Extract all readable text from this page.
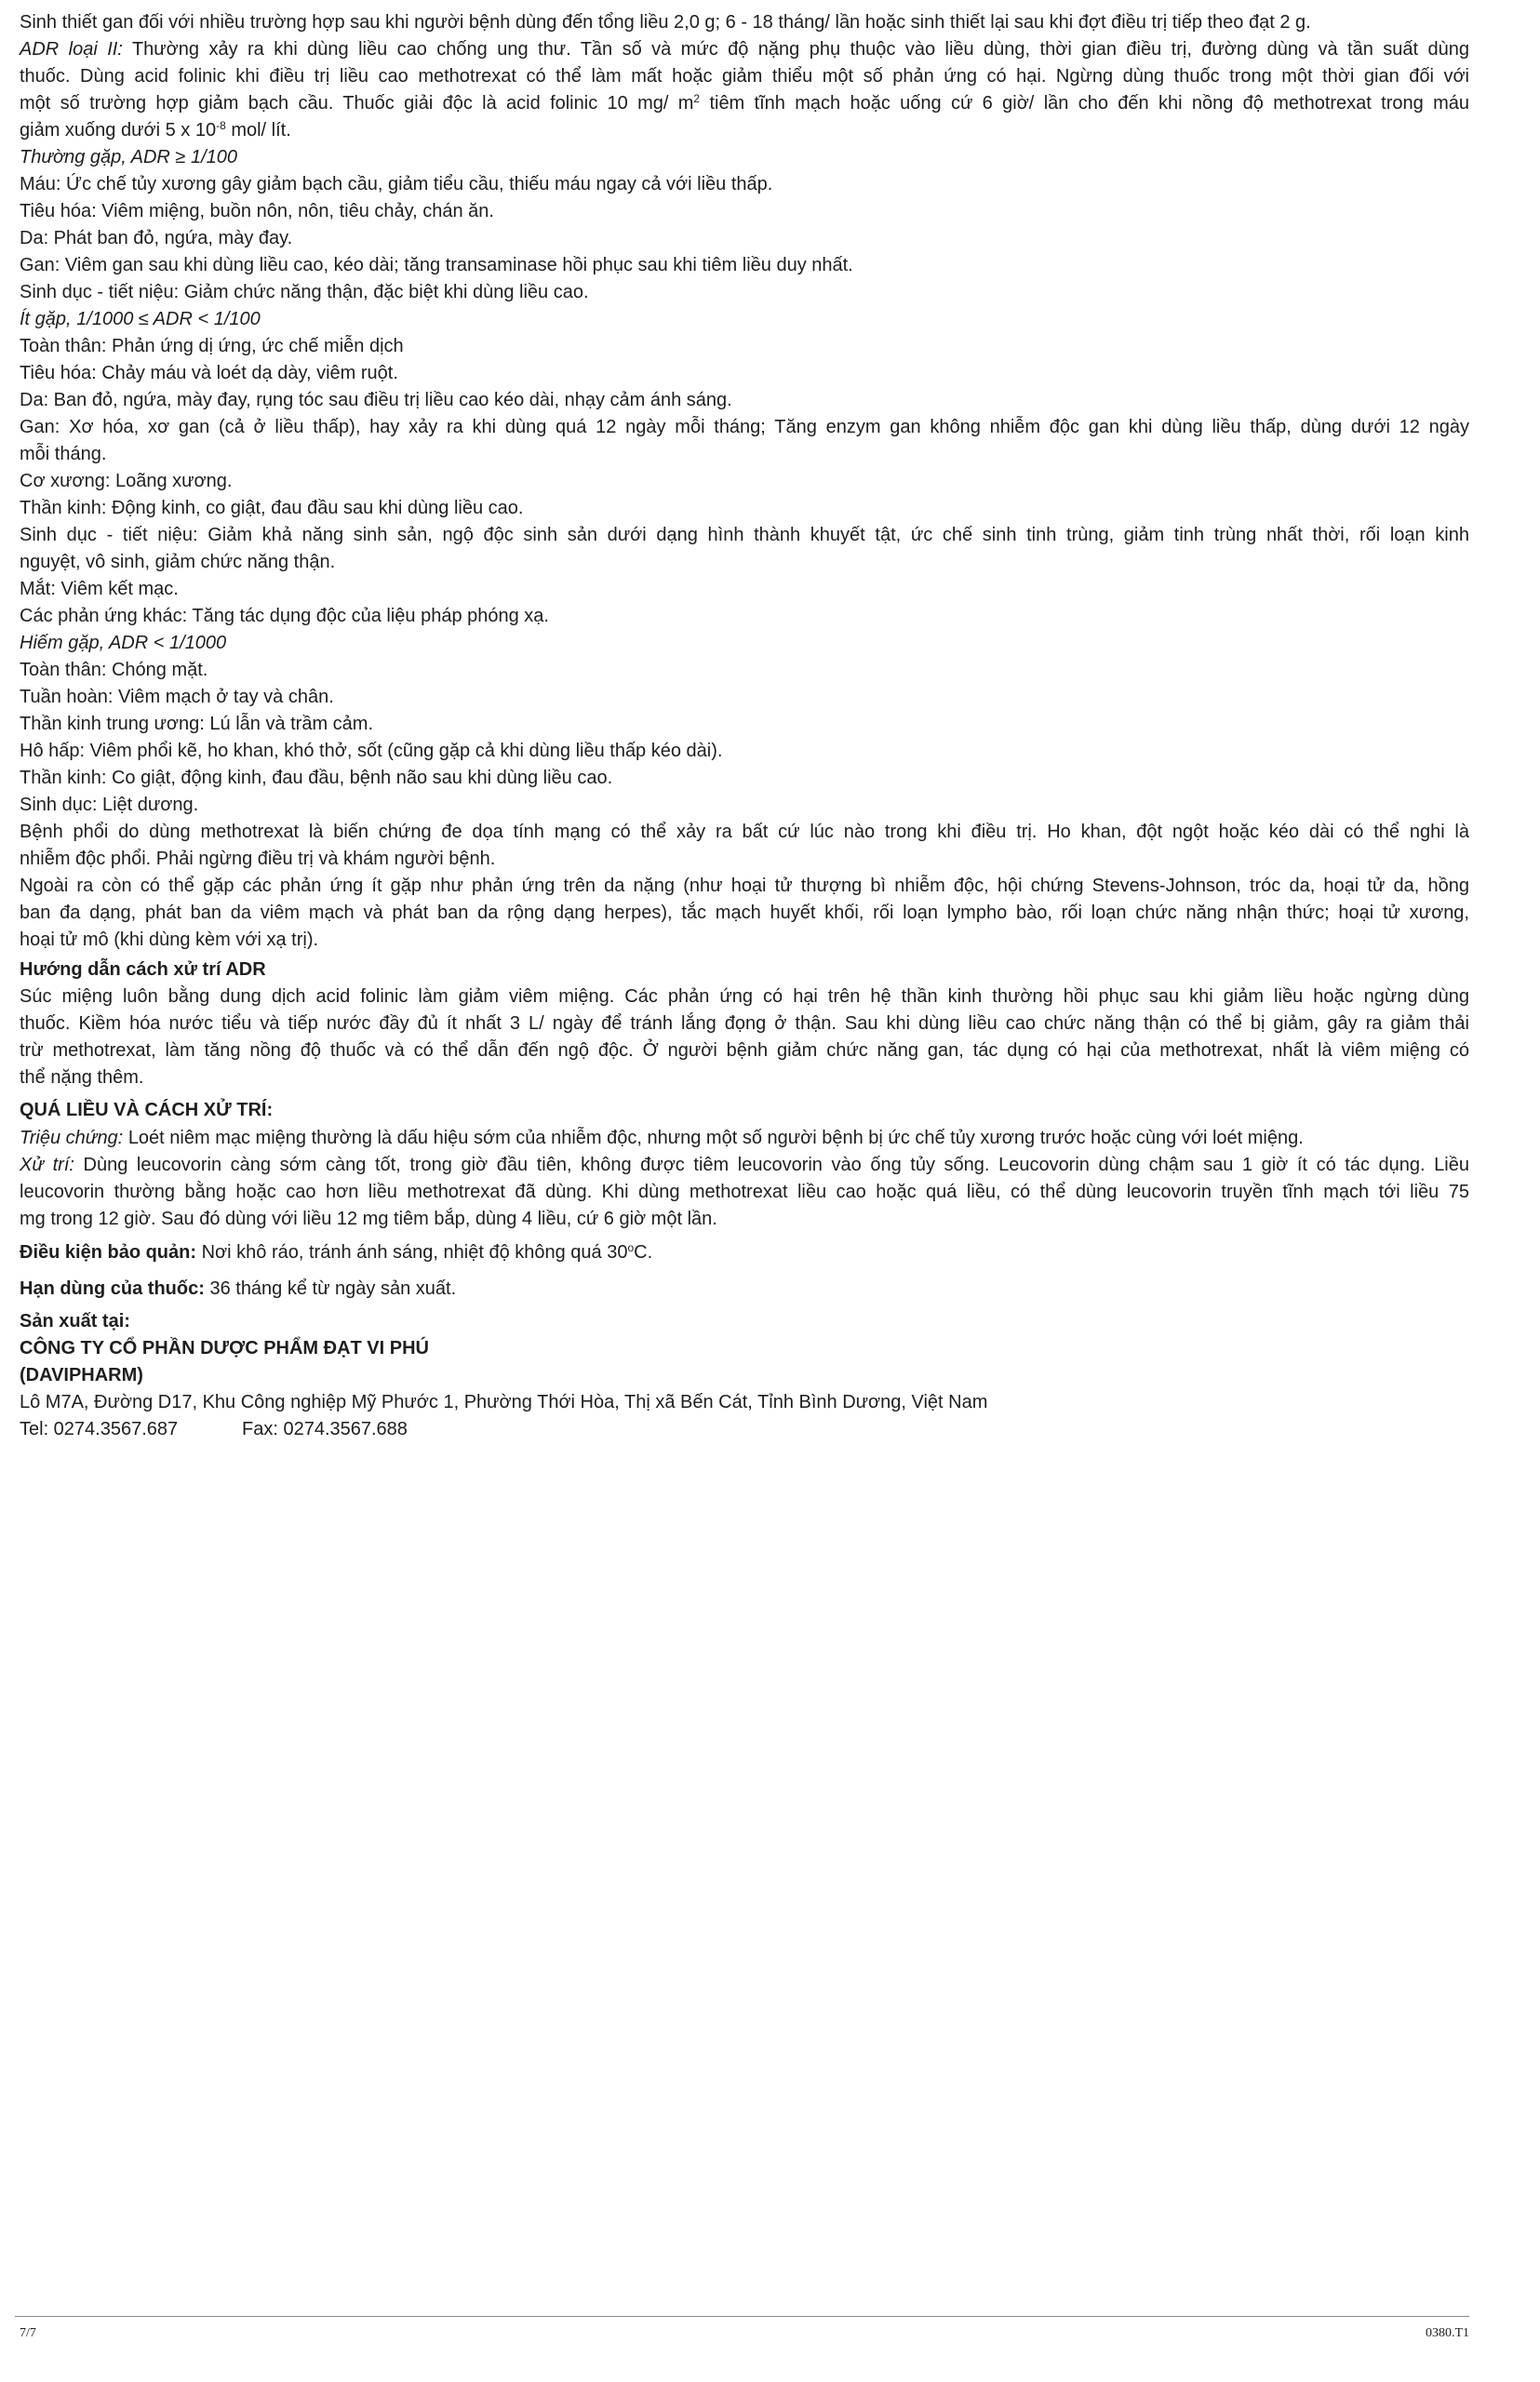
Sinh thiết gan đối với nhiều trường hợp sau khi người bệnh dùng đến tổng liều 2,0 g; 6 - 18 tháng/ lần hoặc sinh thiết lại sau khi đợt điều trị tiếp theo đạt 2 g.
ADR loại II: Thường xảy ra khi dùng liều cao chống ung thư. Tần số và mức độ nặng phụ thuộc vào liều dùng, thời gian điều trị, đường dùng và tần suất dùng
thuốc. Dùng acid folinic khi điều trị liều cao methotrexat có thể làm mất hoặc giảm thiểu một số phản ứng có hại. Ngừng dùng thuốc trong một thời gian đối với
một số trường hợp giảm bạch cầu. Thuốc giải độc là acid folinic 10 mg/ $m^2$ tiêm tĩnh mạch hoặc uống cứ 6 giờ/ lần cho đến khi nồng độ methotrexat trong máu
giảm xuống dưới 5 x $10^{-8}$ mol/ lít.
Thường gặp, ADR ≥ 1/100
Máu: Ức chế tủy xương gây giảm bạch cầu, giảm tiểu cầu, thiếu máu ngay cả với liều thấp.
Tiêu hóa: Viêm miệng, buồn nôn, nôn, tiêu chảy, chán ăn.
Da: Phát ban đỏ, ngứa, mày đay.
Gan: Viêm gan sau khi dùng liều cao, kéo dài; tăng transaminase hồi phục sau khi tiêm liều duy nhất.
Sinh dục - tiết niệu: Giảm chức năng thận, đặc biệt khi dùng liều cao.
Ít gặp, 1/1000 ≤ ADR < 1/100
Toàn thân: Phản ứng dị ứng, ức chế miễn dịch
Tiêu hóa: Chảy máu và loét dạ dày, viêm ruột.
Da: Ban đỏ, ngứa, mày đay, rụng tóc sau điều trị liều cao kéo dài, nhạy cảm ánh sáng.
Gan: Xơ hóa, xơ gan (cả ở liều thấp), hay xảy ra khi dùng quá 12 ngày mỗi tháng; Tăng enzym gan không nhiễm độc gan khi dùng liều thấp, dùng dưới 12 ngày
mỗi tháng.
Cơ xương: Loãng xương.
Thần kinh: Động kinh, co giật, đau đầu sau khi dùng liều cao.
Sinh dục - tiết niệu: Giảm khả năng sinh sản, ngộ độc sinh sản dưới dạng hình thành khuyết tật, ức chế sinh tinh trùng, giảm tinh trùng nhất thời, rối loạn kinh
nguyệt, vô sinh, giảm chức năng thận.
Mắt: Viêm kết mạc.
Các phản ứng khác: Tăng tác dụng độc của liệu pháp phóng xạ.
Hiếm gặp, ADR < 1/1000
Toàn thân: Chóng mặt.
Tuần hoàn: Viêm mạch ở tay và chân.
Thần kinh trung ương: Lú lẫn và trầm cảm.
Hô hấp: Viêm phổi kẽ, ho khan, khó thở, sốt (cũng gặp cả khi dùng liều thấp kéo dài).
Thần kinh: Co giật, động kinh, đau đầu, bệnh não sau khi dùng liều cao.
Sinh dục: Liệt dương.
Bệnh phổi do dùng methotrexat là biến chứng đe dọa tính mạng có thể xảy ra bất cứ lúc nào trong khi điều trị. Ho khan, đột ngột hoặc kéo dài có thể nghi là
nhiễm độc phổi. Phải ngừng điều trị và khám người bệnh.
Ngoài ra còn có thể gặp các phản ứng ít gặp như phản ứng trên da nặng (như hoại tử thượng bì nhiễm độc, hội chứng Stevens-Johnson, tróc da, hoại tử da, hồng
ban đa dạng, phát ban da viêm mạch và phát ban da rộng dạng herpes), tắc mạch huyết khối, rối loạn lympho bào, rối loạn chức năng nhận thức; hoại tử xương,
hoại tử mô (khi dùng kèm với xạ trị).
Hướng dẫn cách xử trí ADR
Súc miệng luôn bằng dung dịch acid folinic làm giảm viêm miệng. Các phản ứng có hại trên hệ thần kinh thường hồi phục sau khi giảm liều hoặc ngừng dùng
thuốc. Kiềm hóa nước tiểu và tiếp nước đầy đủ ít nhất 3 L/ ngày để tránh lắng đọng ở thận. Sau khi dùng liều cao chức năng thận có thể bị giảm, gây ra giảm thải
trừ methotrexat, làm tăng nồng độ thuốc và có thể dẫn đến ngộ độc. Ở người bệnh giảm chức năng gan, tác dụng có hại của methotrexat, nhất là viêm miệng có
thể nặng thêm.
QUÁ LIỀU VÀ CÁCH XỬ TRÍ:
Triệu chứng: Loét niêm mạc miệng thường là dấu hiệu sớm của nhiễm độc, nhưng một số người bệnh bị ức chế tủy xương trước hoặc cùng với loét miệng.
Xử trí: Dùng leucovorin càng sớm càng tốt, trong giờ đầu tiên, không được tiêm leucovorin vào ống tủy sống. Leucovorin dùng chậm sau 1 giờ ít có tác dụng. Liều
leucovorin thường bằng hoặc cao hơn liều methotrexat đã dùng. Khi dùng methotrexat liều cao hoặc quá liều, có thể dùng leucovorin truyền tĩnh mạch tới liều 75
mg trong 12 giờ. Sau đó dùng với liều 12 mg tiêm bắp, dùng 4 liều, cứ 6 giờ một lần.
Điều kiện bảo quản: Nơi khô ráo, tránh ánh sáng, nhiệt độ không quá 30$^o$C.
Hạn dùng của thuốc: 36 tháng kể từ ngày sản xuất.
Sản xuất tại:
CÔNG TY CỔ PHẦN DƯỢC PHẨM ĐẠT VI PHÚ
(DAVIPHARM)
Lô M7A, Đường D17, Khu Công nghiệp Mỹ Phước 1, Phường Thới Hòa, Thị xã Bến Cát, Tỉnh Bình Dương, Việt Nam
Tel: 0274.3567.687	Fax: 0274.3567.688
7/7	0380.T1
